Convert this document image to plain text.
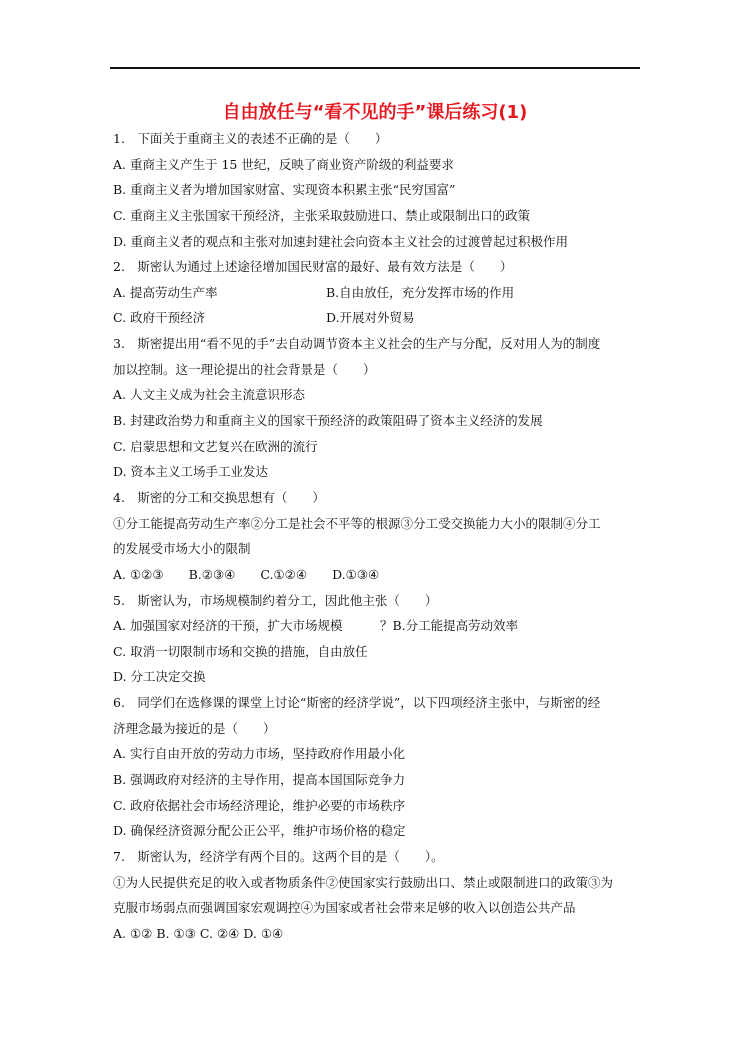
自由放任与“看不见的手”课后练习(1)
1.　下面关于重商主义的表述不正确的是（　　）
A. 重商主义产生于 15 世纪，反映了商业资产阶级的利益要求
B. 重商主义者为增加国家财富、实现资本积累主张“民穷国富”
C. 重商主义主张国家干预经济，主张采取鼓励进口、禁止或限制出口的政策
D. 重商主义者的观点和主张对加速封建社会向资本主义社会的过渡曾起过积极作用
2.　斯密认为通过上述途径增加国民财富的最好、最有效方法是（　　）
A. 提高劳动生产率	B.自由放任，充分发挥市场的作用
C. 政府干预经济	D.开展对外贸易
3.　斯密提出用“看不见的手”去自动调节资本主义社会的生产与分配，反对用人为的制度
加以控制。这一理论提出的社会背景是（　　）
A. 人文主义成为社会主流意识形态
B. 封建政治势力和重商主义的国家干预经济的政策阻碍了资本主义经济的发展
C. 启蒙思想和文艺复兴在欧洲的流行
D. 资本主义工场手工业发达
4.　斯密的分工和交换思想有（　　）
①分工能提高劳动生产率②分工是社会不平等的根源③分工受交换能力大小的限制④分工
的发展受市场大小的限制
A. ①②③　　B.②③④　　C.①②④　　D.①③④
5.　斯密认为，市场规模制约着分工，因此他主张（　　）
A. 加强国家对经济的干预，扩大市场规模　　　？B.分工能提高劳动效率
C. 取消一切限制市场和交换的措施，自由放任
D. 分工决定交换
6.　同学们在选修课的课堂上讨论“斯密的经济学说”，以下四项经济主张中，与斯密的经
济理念最为接近的是（　　）
A. 实行自由开放的劳动力市场，坚持政府作用最小化
B. 强调政府对经济的主导作用，提高本国国际竞争力
C. 政府依据社会市场经济理论，维护必要的市场秩序
D. 确保经济资源分配公正公平，维护市场价格的稳定
7.　斯密认为，经济学有两个目的。这两个目的是（　　）。
①为人民提供充足的收入或者物质条件②使国家实行鼓励出口、禁止或限制进口的政策③为
克服市场弱点而强调国家宏观调控④为国家或者社会带来足够的收入以创造公共产品
A. ①② B. ①③ C. ②④ D. ①④
